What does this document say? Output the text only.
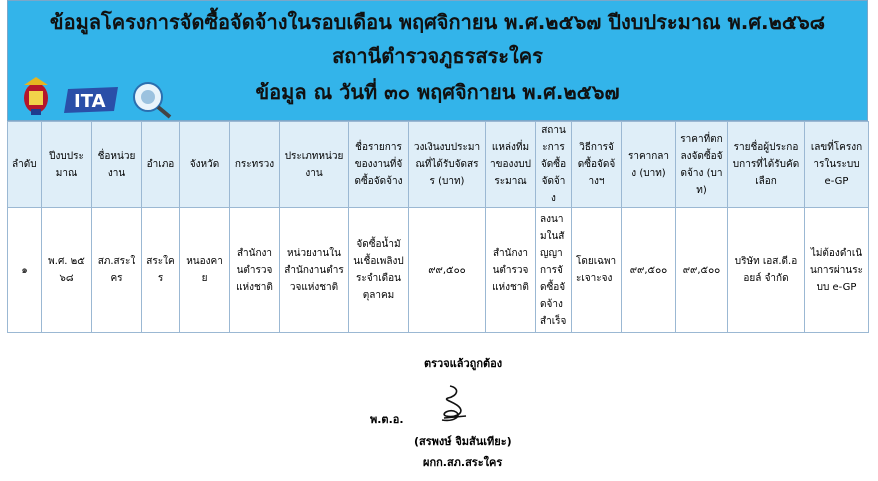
ข้อมูลโครงการจัดซื้อจัดจ้างในรอบเดือน พฤศจิกายน พ.ศ.๒๕๖๗ ปีงบประมาณ พ.ศ.๒๕๖๘
สถานีตำรวจภูธรสระใคร
ข้อมูล ณ วันที่ ๓๐ พฤศจิกายน พ.ศ.๒๕๖๗
ITA
ลำดับ	ปีงบประมาณ	ชื่อหน่วยงาน	อำเภอ	จังหวัด	กระทรวง	ประเภทหน่วยงาน	ชื่อรายการของงานที่จัดซื้อจัดจ้าง	วงเงินงบประมาณที่ได้รับจัดสรร (บาท)	แหล่งที่มาของงบประมาณ	สถานะการจัดซื้อจัดจ้าง	วิธีการจัดซื้อจัดจ้างฯ	ราคากลาง (บาท)	ราคาที่ตกลงจัดซื้อจัดจ้าง (บาท)	รายชื่อผู้ประกอบการที่ได้รับคัดเลือก	เลขที่โครงการในระบบ e-GP
๑	พ.ศ. ๒๕๖๘	สภ.สระใคร	สระใคร	หนองคาย	สำนักงานตำรวจแห่งชาติ	หน่วยงานในสำนักงานตำรวจแห่งชาติ	จัดซื้อน้ำมันเชื้อเพลิงประจำเดือนตุลาคม	๙๙,๕๐๐	สำนักงานตำรวจแห่งชาติ	ลงนามในสัญญาการจัดซื้อจัดจ้างสำเร็จ	โดยเฉพาะเจาะจง	๙๙,๕๐๐	๙๙,๕๐๐	บริษัท เอส.ดี.ออยล์ จำกัด	ไม่ต้องดำเนินการผ่านระบบ e-GP
ตรวจแล้วถูกต้อง
พ.ต.อ.
(สรพงษ์ จิมสันเทียะ)
ผกก.สภ.สระใคร
